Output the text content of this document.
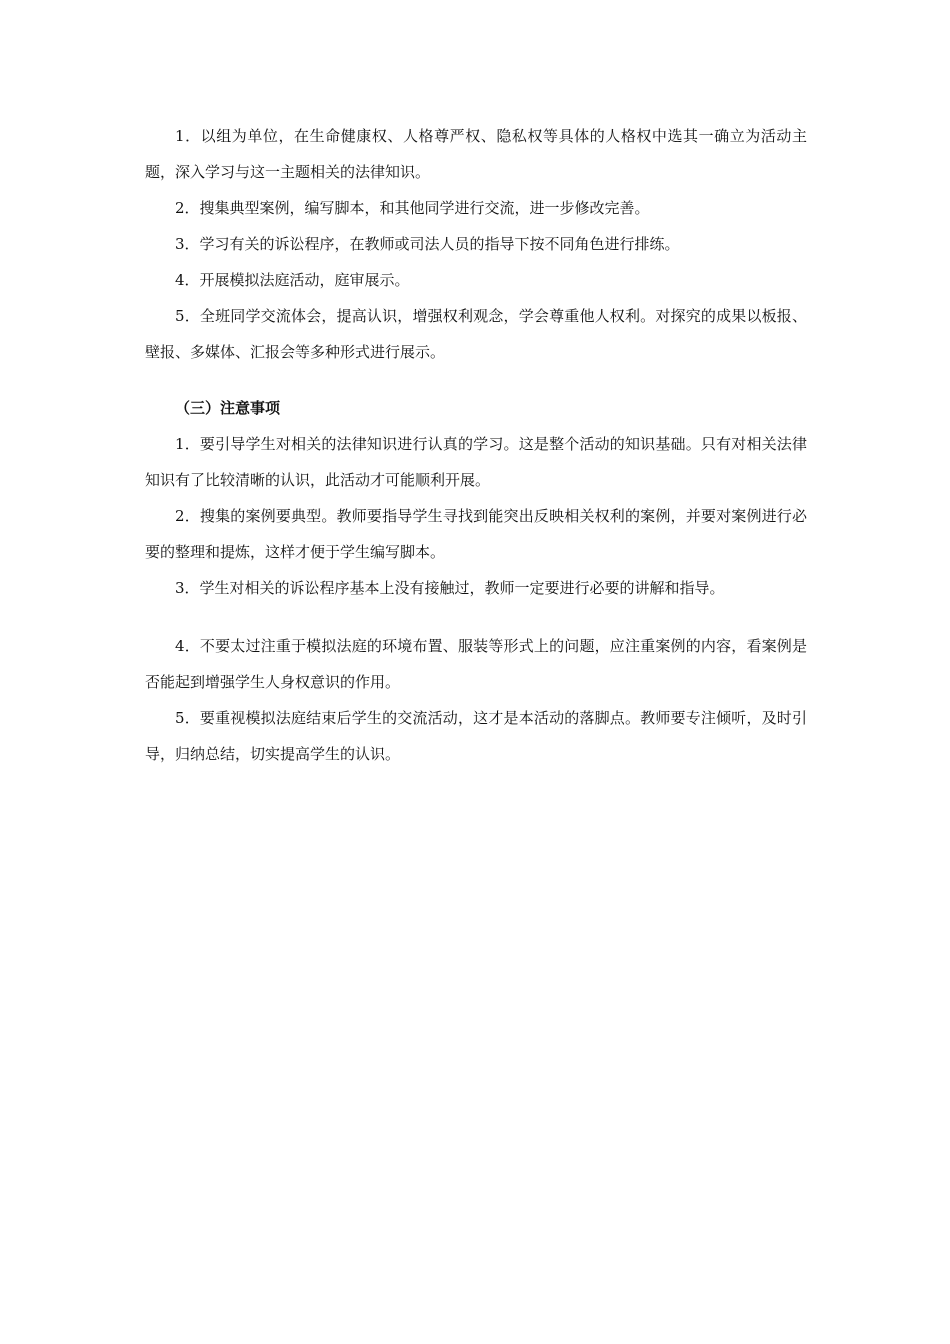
1．以组为单位，在生命健康权、人格尊严权、隐私权等具体的人格权中选其一确立为活动主题，深入学习与这一主题相关的法律知识。

2．搜集典型案例，编写脚本，和其他同学进行交流，进一步修改完善。

3．学习有关的诉讼程序，在教师或司法人员的指导下按不同角色进行排练。

4．开展模拟法庭活动，庭审展示。

5．全班同学交流体会，提高认识，增强权利观念，学会尊重他人权利。对探究的成果以板报、壁报、多媒体、汇报会等多种形式进行展示。

（三）注意事项

1．要引导学生对相关的法律知识进行认真的学习。这是整个活动的知识基础。只有对相关法律知识有了比较清晰的认识，此活动才可能顺利开展。

2．搜集的案例要典型。教师要指导学生寻找到能突出反映相关权利的案例，并要对案例进行必要的整理和提炼，这样才便于学生编写脚本。

3．学生对相关的诉讼程序基本上没有接触过，教师一定要进行必要的讲解和指导。

4．不要太过注重于模拟法庭的环境布置、服装等形式上的问题，应注重案例的内容，看案例是否能起到增强学生人身权意识的作用。

5．要重视模拟法庭结束后学生的交流活动，这才是本活动的落脚点。教师要专注倾听，及时引导，归纳总结，切实提高学生的认识。
